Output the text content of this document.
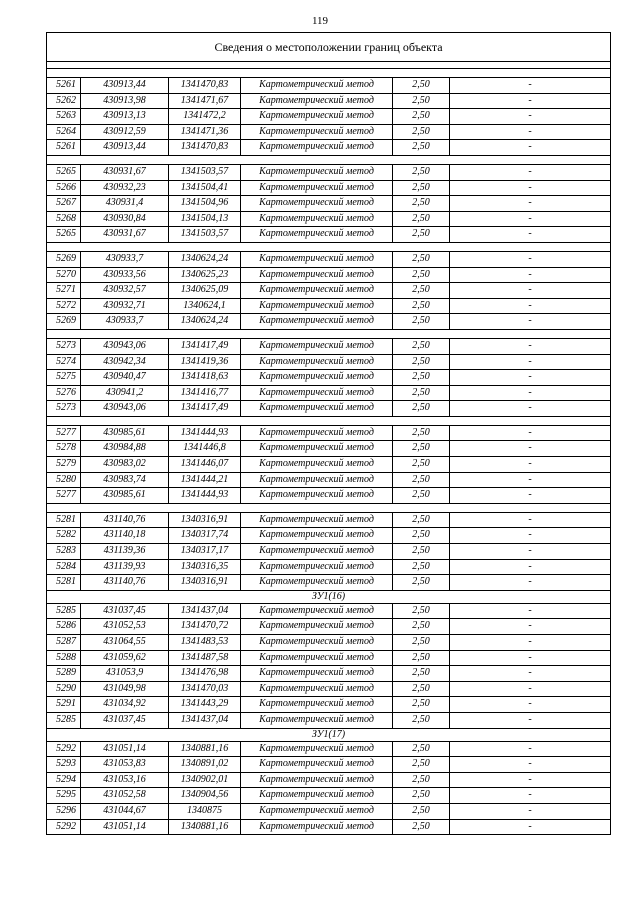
119
Сведения о местоположении границ объекта					

5261	430913,44	1341470,83	Картометрический метод	2,50	-
5262	430913,98	1341471,67	Картометрический метод	2,50	-
5263	430913,13	1341472,2	Картометрический метод	2,50	-
5264	430912,59	1341471,36	Картометрический метод	2,50	-
5261	430913,44	1341470,83	Картометрический метод	2,50	-

5265	430931,67	1341503,57	Картометрический метод	2,50	-
5266	430932,23	1341504,41	Картометрический метод	2,50	-
5267	430931,4	1341504,96	Картометрический метод	2,50	-
5268	430930,84	1341504,13	Картометрический метод	2,50	-
5265	430931,67	1341503,57	Картометрический метод	2,50	-

5269	430933,7	1340624,24	Картометрический метод	2,50	-
5270	430933,56	1340625,23	Картометрический метод	2,50	-
5271	430932,57	1340625,09	Картометрический метод	2,50	-
5272	430932,71	1340624,1	Картометрический метод	2,50	-
5269	430933,7	1340624,24	Картометрический метод	2,50	-

5273	430943,06	1341417,49	Картометрический метод	2,50	-
5274	430942,34	1341419,36	Картометрический метод	2,50	-
5275	430940,47	1341418,63	Картометрический метод	2,50	-
5276	430941,2	1341416,77	Картометрический метод	2,50	-
5273	430943,06	1341417,49	Картометрический метод	2,50	-

5277	430985,61	1341444,93	Картометрический метод	2,50	-
5278	430984,88	1341446,8	Картометрический метод	2,50	-
5279	430983,02	1341446,07	Картометрический метод	2,50	-
5280	430983,74	1341444,21	Картометрический метод	2,50	-
5277	430985,61	1341444,93	Картометрический метод	2,50	-

5281	431140,76	1340316,91	Картометрический метод	2,50	-
5282	431140,18	1340317,74	Картометрический метод	2,50	-
5283	431139,36	1340317,17	Картометрический метод	2,50	-
5284	431139,93	1340316,35	Картометрический метод	2,50	-
5281	431140,76	1340316,91	Картометрический метод	2,50	-
ЗУ1(16)					
5285	431037,45	1341437,04	Картометрический метод	2,50	-
5286	431052,53	1341470,72	Картометрический метод	2,50	-
5287	431064,55	1341483,53	Картометрический метод	2,50	-
5288	431059,62	1341487,58	Картометрический метод	2,50	-
5289	431053,9	1341476,98	Картометрический метод	2,50	-
5290	431049,98	1341470,03	Картометрический метод	2,50	-
5291	431034,92	1341443,29	Картометрический метод	2,50	-
5285	431037,45	1341437,04	Картометрический метод	2,50	-
ЗУ1(17)					
5292	431051,14	1340881,16	Картометрический метод	2,50	-
5293	431053,83	1340891,02	Картометрический метод	2,50	-
5294	431053,16	1340902,01	Картометрический метод	2,50	-
5295	431052,58	1340904,56	Картометрический метод	2,50	-
5296	431044,67	1340875	Картометрический метод	2,50	-
5292	431051,14	1340881,16	Картометрический метод	2,50	-
